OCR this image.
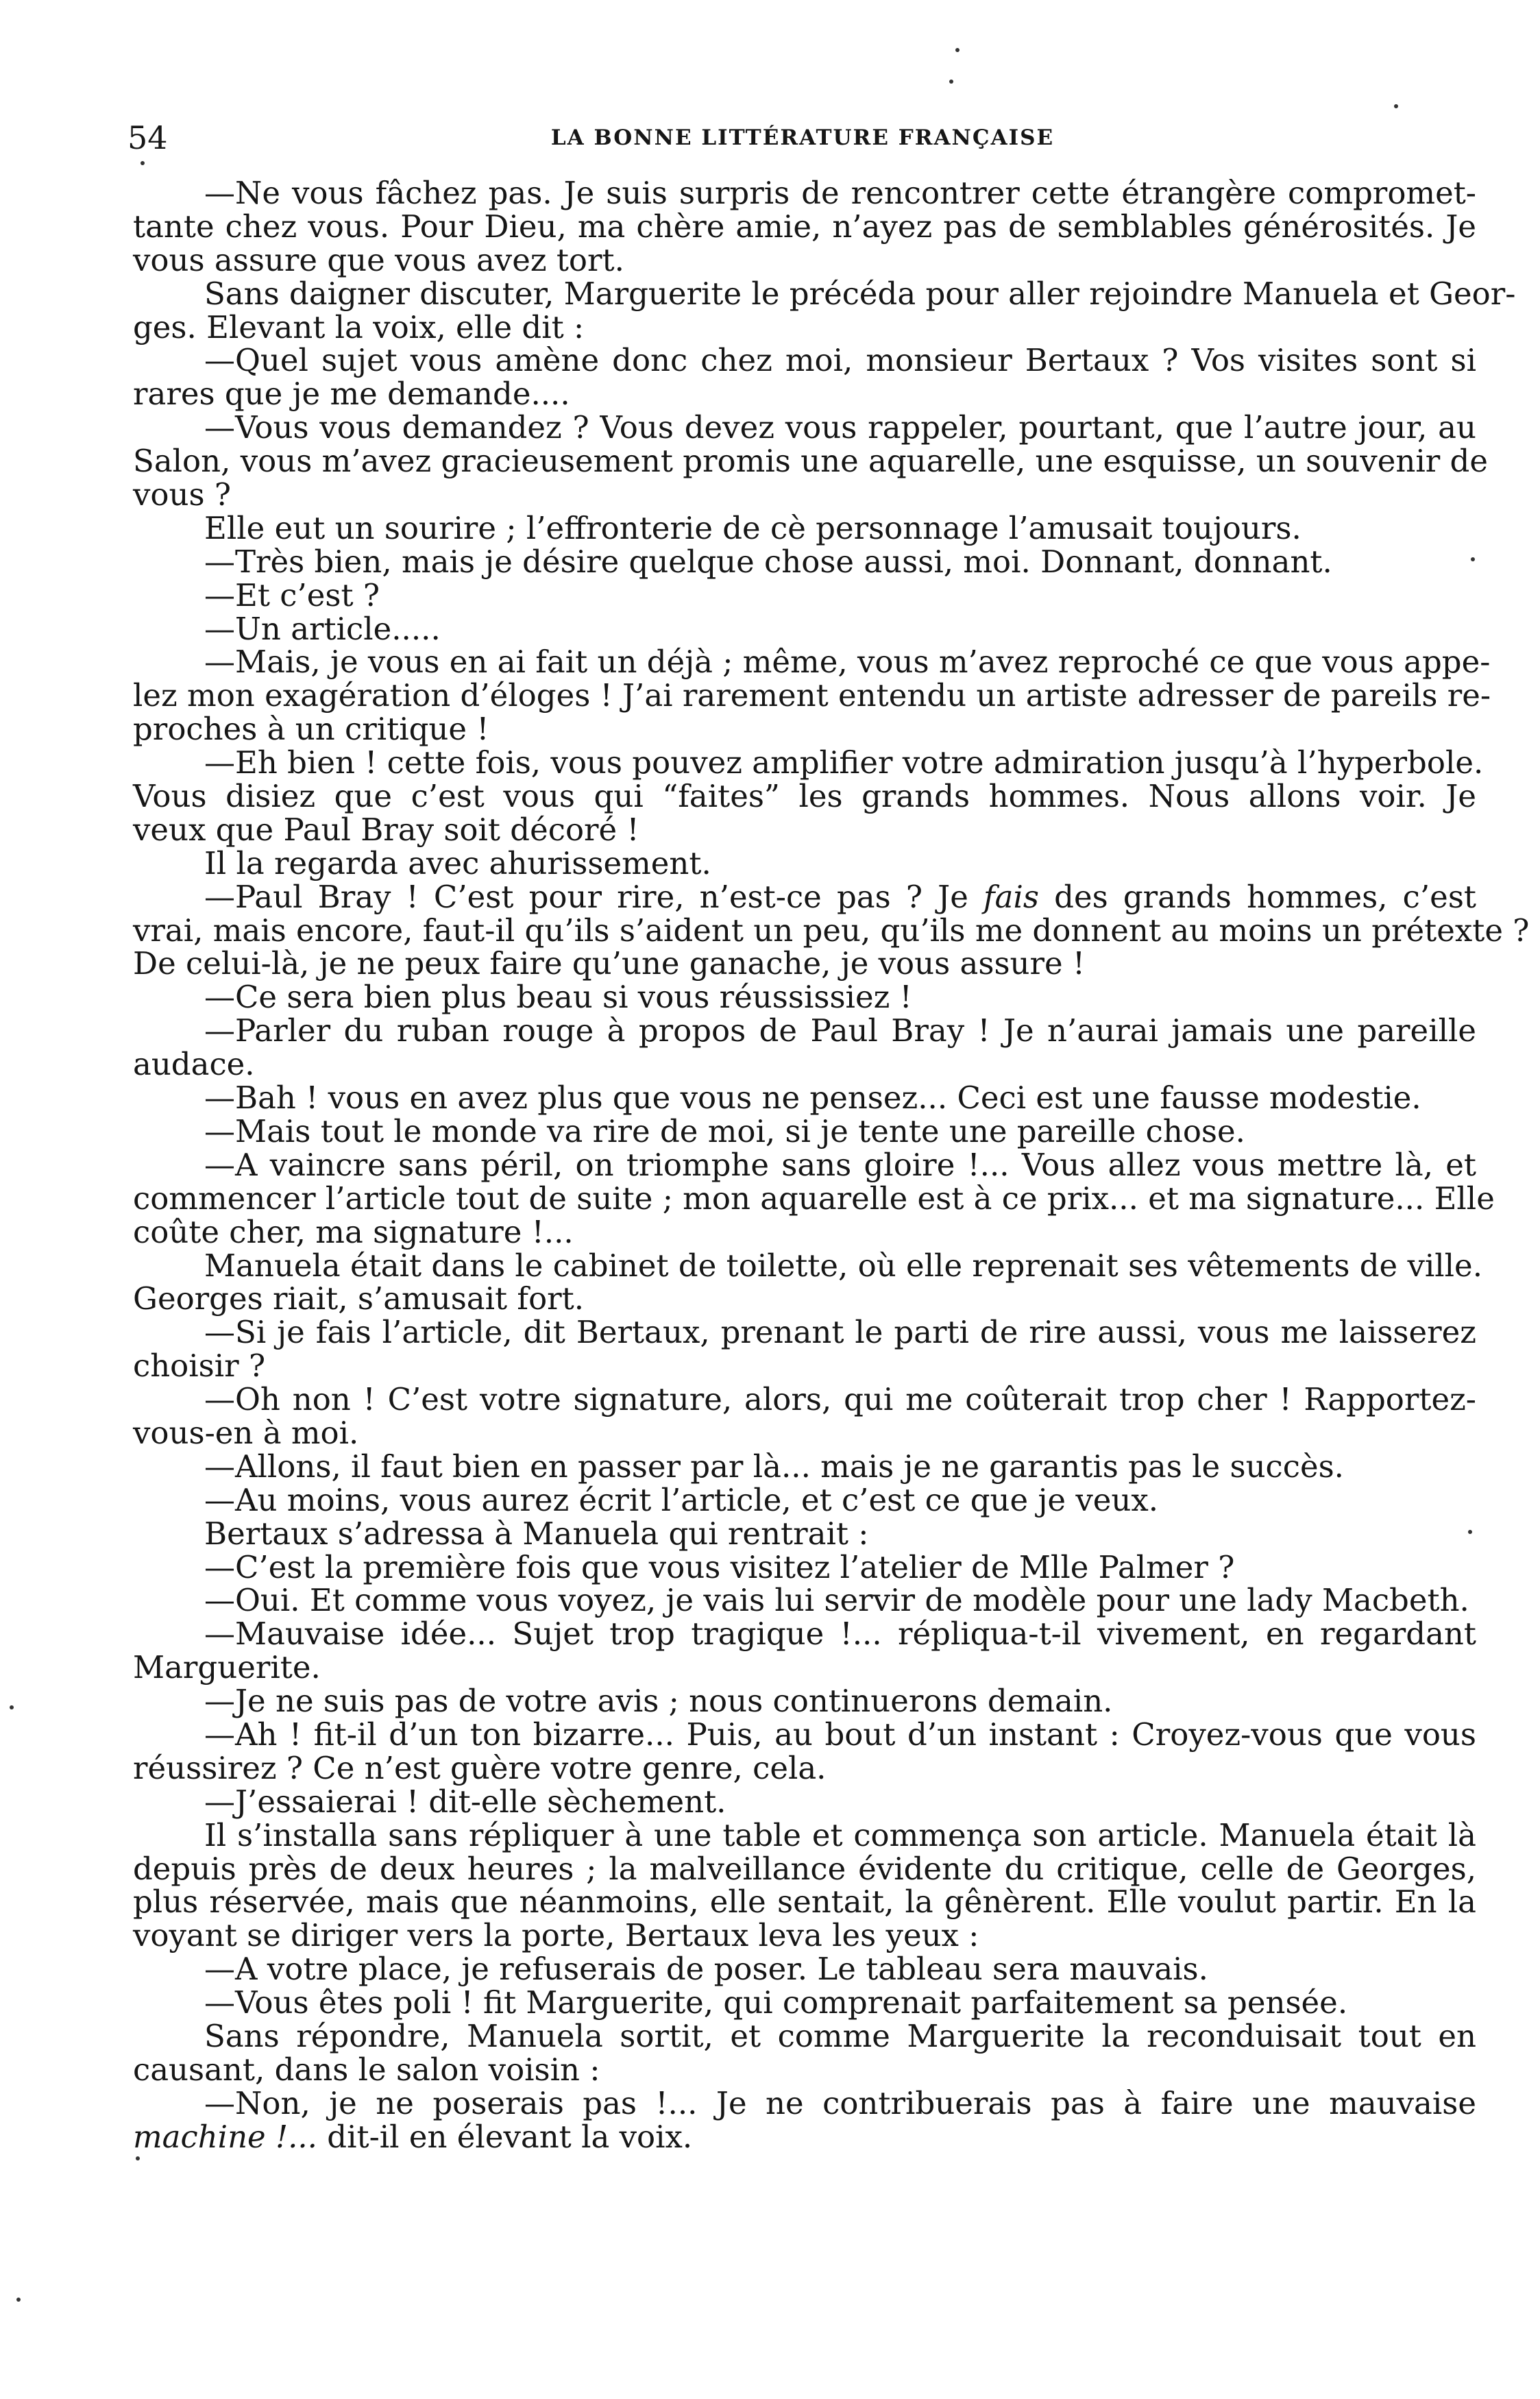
54	LA BONNE LITTÉRATURE FRANÇAISE
—Ne vous fâchez pas. Je suis surpris de rencontrer cette étrangère compromet-
tante chez vous. Pour Dieu, ma chère amie, n’ayez pas de semblables générosités. Je
vous assure que vous avez tort.
Sans daigner discuter, Marguerite le précéda pour aller rejoindre Manuela et Geor-
ges. Elevant la voix, elle dit :
—Quel sujet vous amène donc chez moi, monsieur Bertaux ? Vos visites sont si
rares que je me demande....
—Vous vous demandez ? Vous devez vous rappeler, pourtant, que l’autre jour, au
Salon, vous m’avez gracieusement promis une aquarelle, une esquisse, un souvenir de
vous ?
Elle eut un sourire ; l’effronterie de cè personnage l’amusait toujours.
—Très bien, mais je désire quelque chose aussi, moi. Donnant, donnant.
—Et c’est ?
—Un article.....
—Mais, je vous en ai fait un déjà ; même, vous m’avez reproché ce que vous appe-
lez mon exagération d’éloges ! J’ai rarement entendu un artiste adresser de pareils re-
proches à un critique !
—Eh bien ! cette fois, vous pouvez amplifier votre admiration jusqu’à l’hyperbole.
Vous disiez que c’est vous qui “faites” les grands hommes. Nous allons voir. Je
veux que Paul Bray soit décoré !
Il la regarda avec ahurissement.
—Paul Bray ! C’est pour rire, n’est-ce pas ? Je fais des grands hommes, c’est
vrai, mais encore, faut-il qu’ils s’aident un peu, qu’ils me donnent au moins un prétexte ?
De celui-là, je ne peux faire qu’une ganache, je vous assure !
—Ce sera bien plus beau si vous réussissiez !
—Parler du ruban rouge à propos de Paul Bray ! Je n’aurai jamais une pareille
audace.
—Bah ! vous en avez plus que vous ne pensez... Ceci est une fausse modestie.
—Mais tout le monde va rire de moi, si je tente une pareille chose.
—A vaincre sans péril, on triomphe sans gloire !... Vous allez vous mettre là, et
commencer l’article tout de suite ; mon aquarelle est à ce prix... et ma signature... Elle
coûte cher, ma signature !...
Manuela était dans le cabinet de toilette, où elle reprenait ses vêtements de ville.
Georges riait, s’amusait fort.
—Si je fais l’article, dit Bertaux, prenant le parti de rire aussi, vous me laisserez
choisir ?
—Oh non ! C’est votre signature, alors, qui me coûterait trop cher ! Rapportez-
vous-en à moi.
—Allons, il faut bien en passer par là... mais je ne garantis pas le succès.
—Au moins, vous aurez écrit l’article, et c’est ce que je veux.
Bertaux s’adressa à Manuela qui rentrait :
—C’est la première fois que vous visitez l’atelier de Mlle Palmer ?
—Oui. Et comme vous voyez, je vais lui servir de modèle pour une lady Macbeth.
—Mauvaise idée... Sujet trop tragique !... répliqua-t-il vivement, en regardant
Marguerite.
—Je ne suis pas de votre avis ; nous continuerons demain.
—Ah ! fit-il d’un ton bizarre... Puis, au bout d’un instant : Croyez-vous que vous
réussirez ? Ce n’est guère votre genre, cela.
—J’essaierai ! dit-elle sèchement.
Il s’installa sans répliquer à une table et commença son article. Manuela était là
depuis près de deux heures ; la malveillance évidente du critique, celle de Georges,
plus réservée, mais que néanmoins, elle sentait, la gênèrent. Elle voulut partir. En la
voyant se diriger vers la porte, Bertaux leva les yeux :
—A votre place, je refuserais de poser. Le tableau sera mauvais.
—Vous êtes poli ! fit Marguerite, qui comprenait parfaitement sa pensée.
Sans répondre, Manuela sortit, et comme Marguerite la reconduisait tout en
causant, dans le salon voisin :
—Non, je ne poserais pas !... Je ne contribuerais pas à faire une mauvaise
machine !... dit-il en élevant la voix.
